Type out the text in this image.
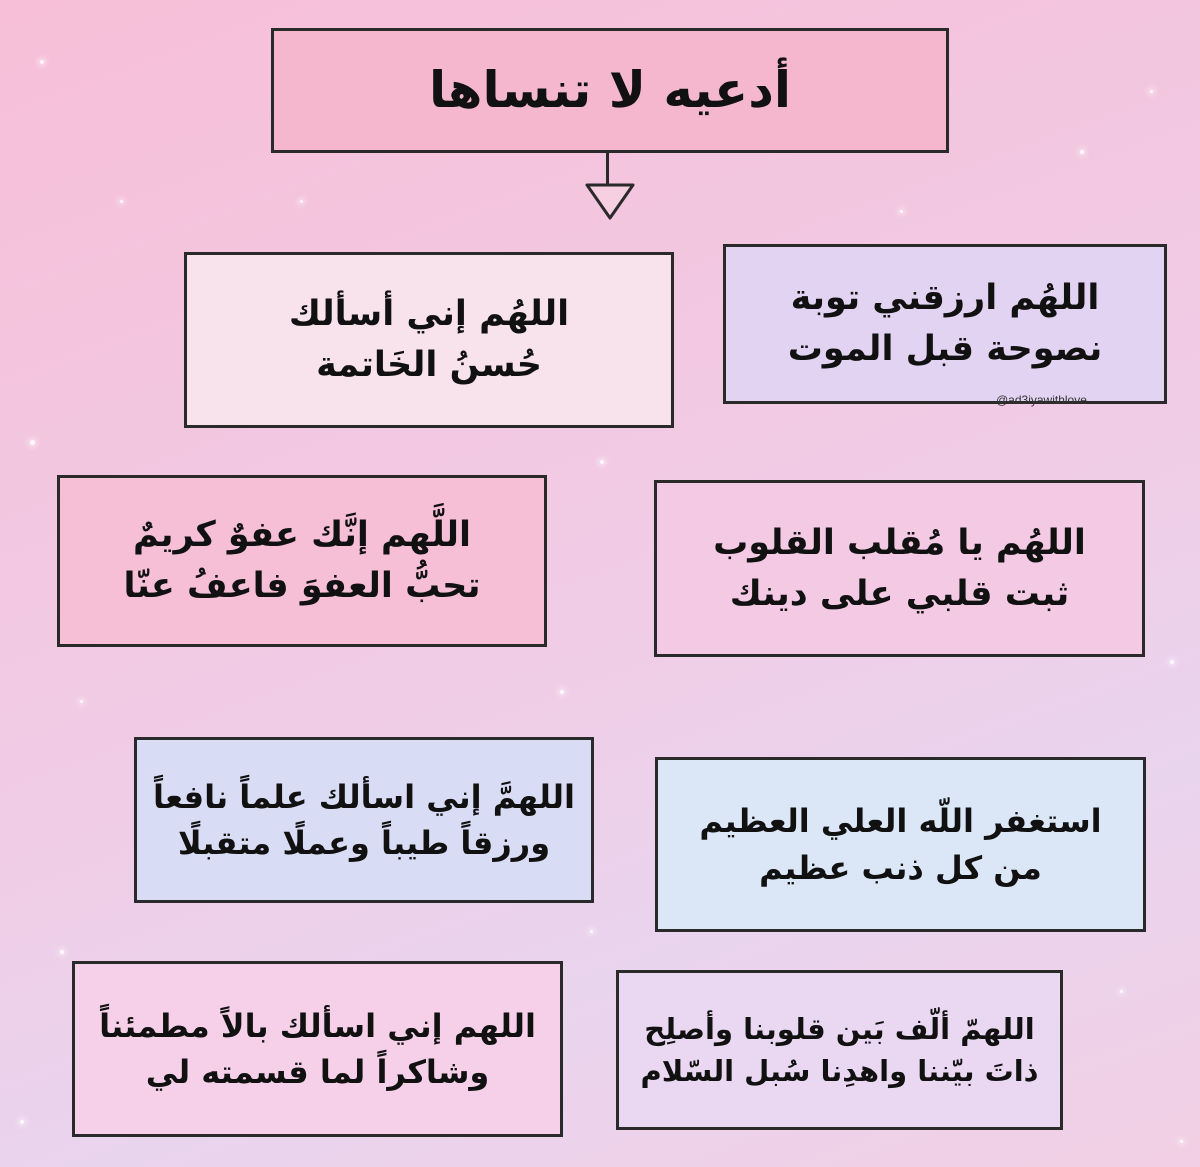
أدعيه لا تنساها
اللهُم إني أسألك
حُسنُ الخَاتمة
اللهُم ارزقني توبة
نصوحة قبل الموت
@ad3iyawithlove
اللَّهم إنَّك عفوٌ كريمٌ
تحبُّ العفوَ فاعفُ عنّا
اللهُم يا مُقلب القلوب
ثبت قلبي على دينك
اللهمَّ إني اسألك علماً نافعاً
ورزقاً طيباً وعملًا متقبلًا
استغفر اللّه العلي العظيم
من كل ذنب عظيم
اللهم إني اسألك بالاً مطمئناً
وشاكراً لما قسمته لي
اللهمّ ألّف بَين قلوبنا وأصلِح
ذاتَ بيّننا واهدِنا سُبل السّلام
